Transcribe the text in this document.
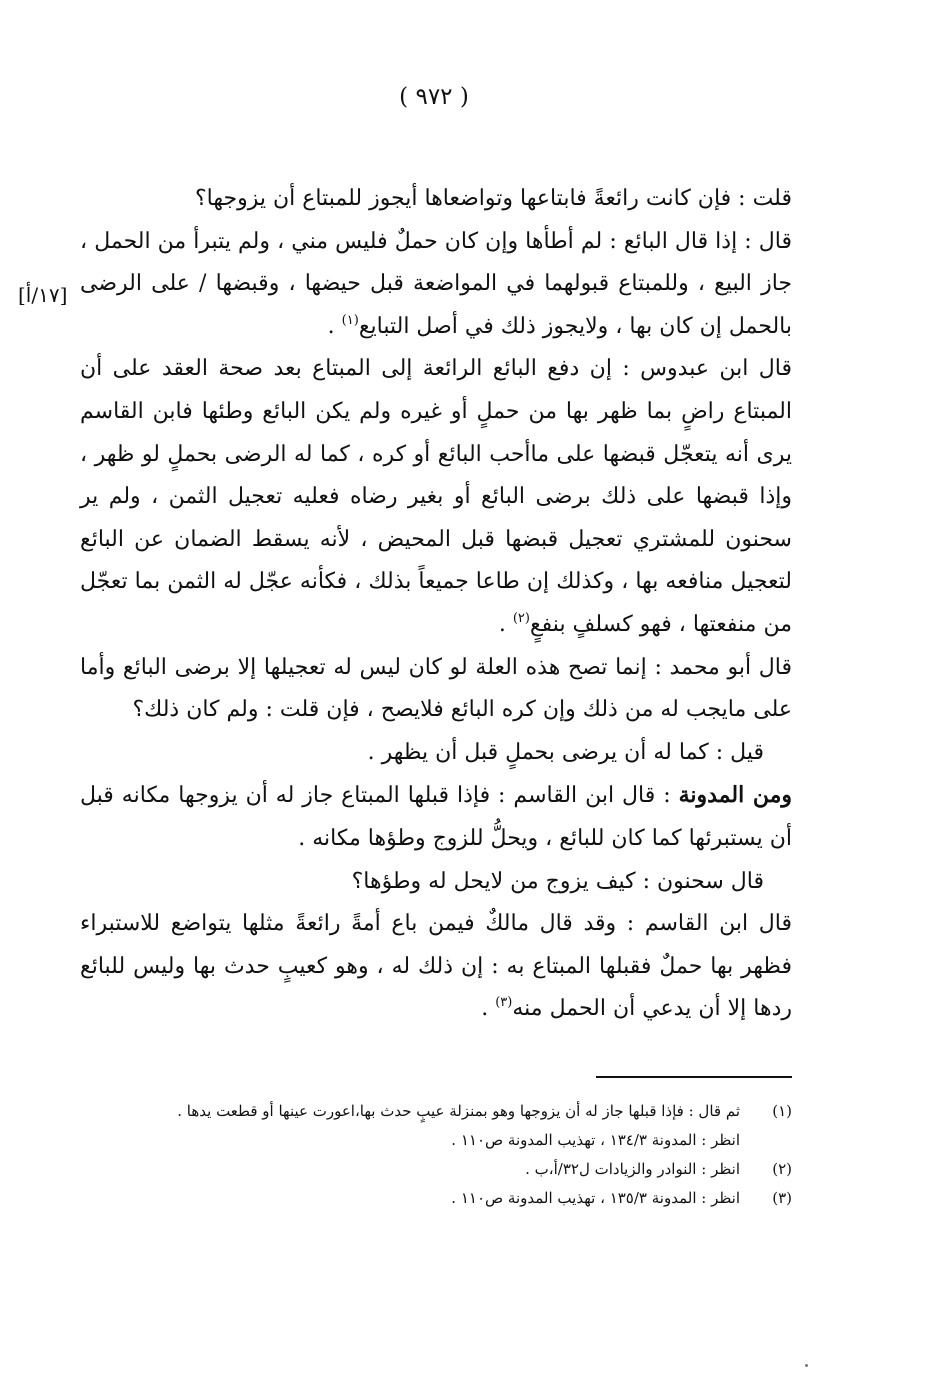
( ٩٧٢ )
[١٧/أ]

قلت : فإن كانت رائعةً فابتاعها وتواضعاها أيجوز للمبتاع أن يزوجها؟

قال : إذا قال البائع : لم أطأها وإن كان حملٌ فليس مني ، ولم يتبرأ من الحمل ، جاز البيع ، وللمبتاع قبولهما في المواضعة قبل حيضها ، وقبضها / على الرضى بالحمل إن كان بها ، ولايجوز ذلك في أصل التبايع$^{(١)}$ .

قال ابن عبدوس : إن دفع البائع الرائعة إلى المبتاع بعد صحة العقد على أن المبتاع راضٍ بما ظهر بها من حملٍ أو غيره ولم يكن البائع وطئها فابن القاسم يرى أنه يتعجّل قبضها على ماأحب البائع أو كره ، كما له الرضى بحملٍ لو ظهر ، وإذا قبضها على ذلك برضى البائع أو بغير رضاه فعليه تعجيل الثمن ، ولم ير سحنون للمشتري تعجيل قبضها قبل المحيض ، لأنه يسقط الضمان عن البائع لتعجيل منافعه بها ، وكذلك إن طاعا جميعاً بذلك ، فكأنه عجّل له الثمن بما تعجّل من منفعتها ، فهو كسلفٍ بنفعٍ$^{(٢)}$ .

قال أبو محمد : إنما تصح هذه العلة لو كان ليس له تعجيلها إلا برضى البائع وأما على مايجب له من ذلك وإن كره البائع فلايصح ، فإن قلت : ولم كان ذلك؟

قيل : كما له أن يرضى بحملٍ قبل أن يظهر .

ومن المدونة : قال ابن القاسم : فإذا قبلها المبتاع جاز له أن يزوجها مكانه قبل أن يستبرئها كما كان للبائع ، ويحلُّ للزوج وطؤها مكانه .

قال سحنون : كيف يزوج من لايحل له وطؤها؟

قال ابن القاسم : وقد قال مالكٌ فيمن باع أمةً رائعةً مثلها يتواضع للاستبراء فظهر بها حملٌ فقبلها المبتاع به : إن ذلك له ، وهو كعيبٍ حدث بها وليس للبائع ردها إلا أن يدعي أن الحمل منه$^{(٣)}$ .

(١)
ثم قال : فإذا قبلها جاز له أن يزوجها وهو بمنزلة عيبٍ حدث بها،اعورت عينها أو قطعت يدها .
انظر : المدونة ١٣٤/٣ ، تهذيب المدونة ص١١٠ .
(٢)
انظر : النوادر والزيادات ل٣٢/أ،ب .
(٣)
انظر : المدونة ١٣٥/٣ ، تهذيب المدونة ص١١٠ .
